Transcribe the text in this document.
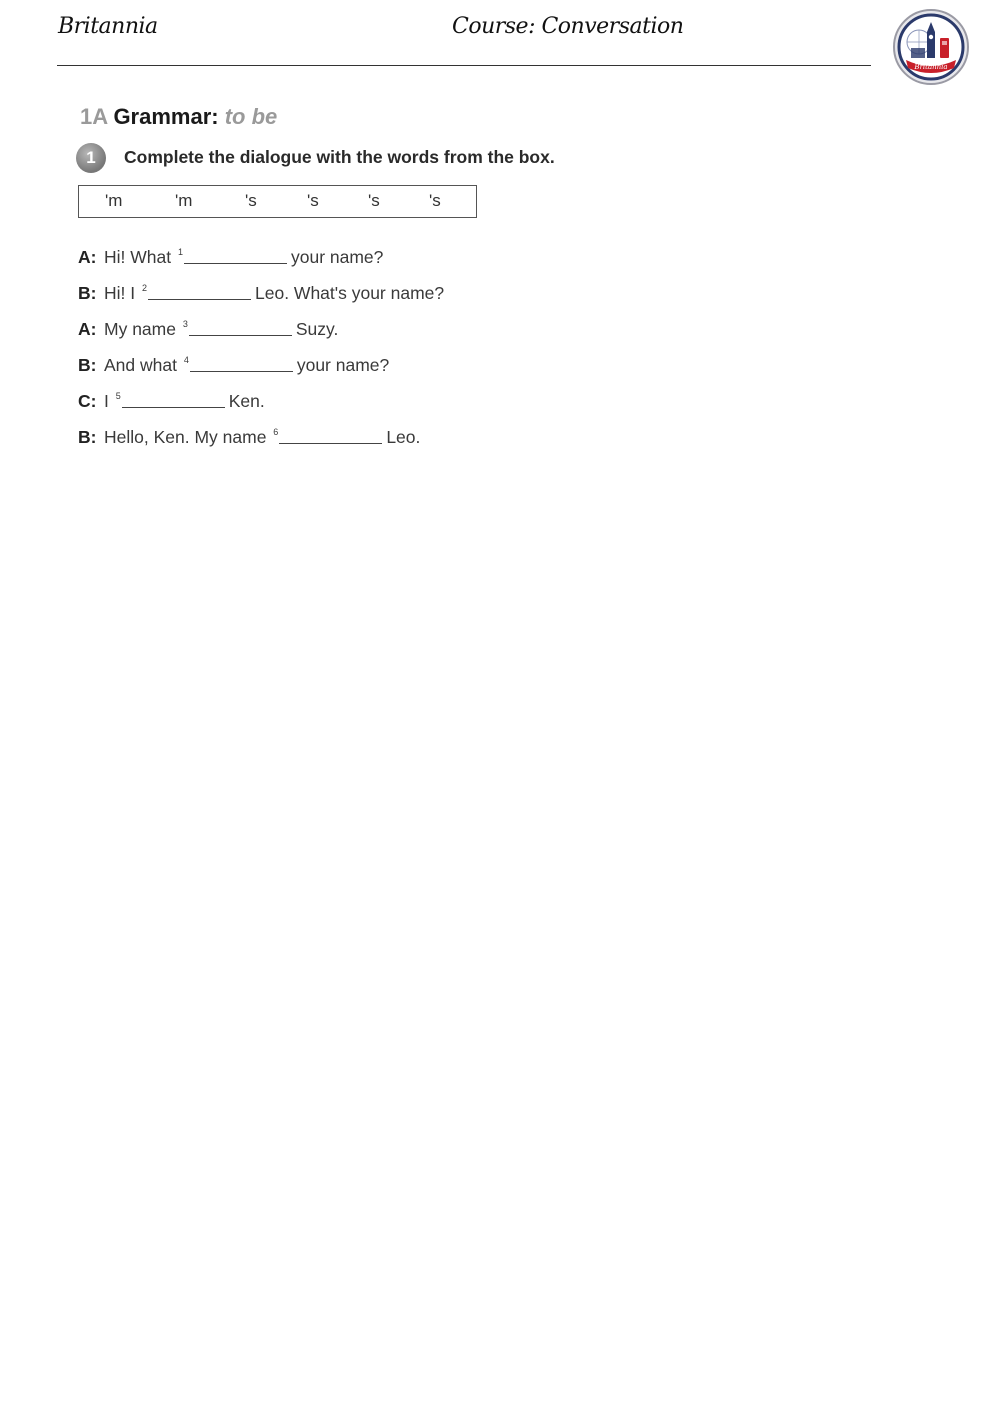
Britannia	Course: Conversation
Britannia
1A Grammar: to be
1	Complete the dialogue with the words from the box.
'm	'm	's	's	's	's
A: Hi! What $^1$	your name?
B: Hi! I $^2$	Leo. What's your name?
A: My name $^3$	Suzy.
B: And what $^4$	your name?
C: I $^5$	Ken.
B: Hello, Ken. My name $^6$	Leo.
